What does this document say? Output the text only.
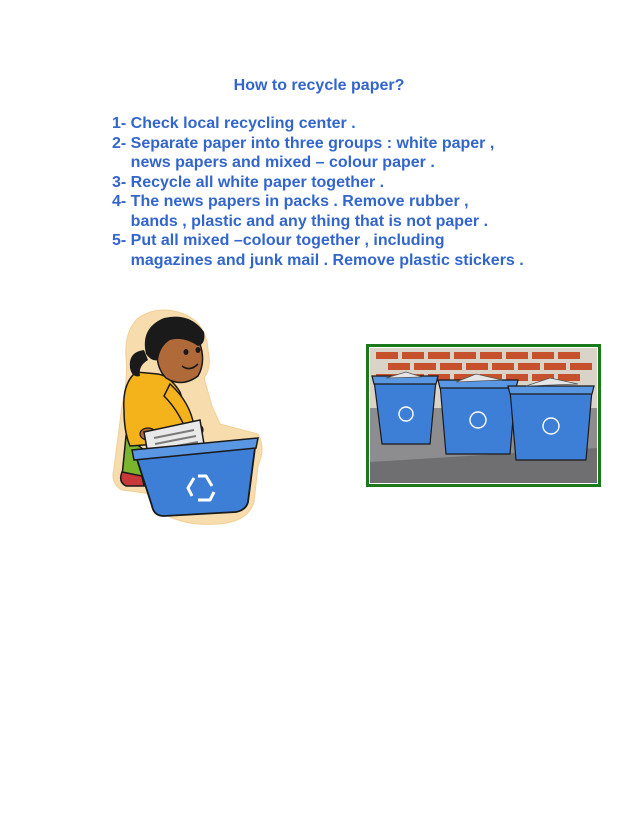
How to recycle paper?
1- Check local recycling center .
2- Separate paper into three groups : white paper ,
news papers and mixed – colour paper .
3- Recycle all white paper together .
4- The news papers in packs . Remove rubber ,
bands , plastic and any thing that is not paper .
5- Put all mixed –colour together , including
magazines and junk mail . Remove plastic stickers .
